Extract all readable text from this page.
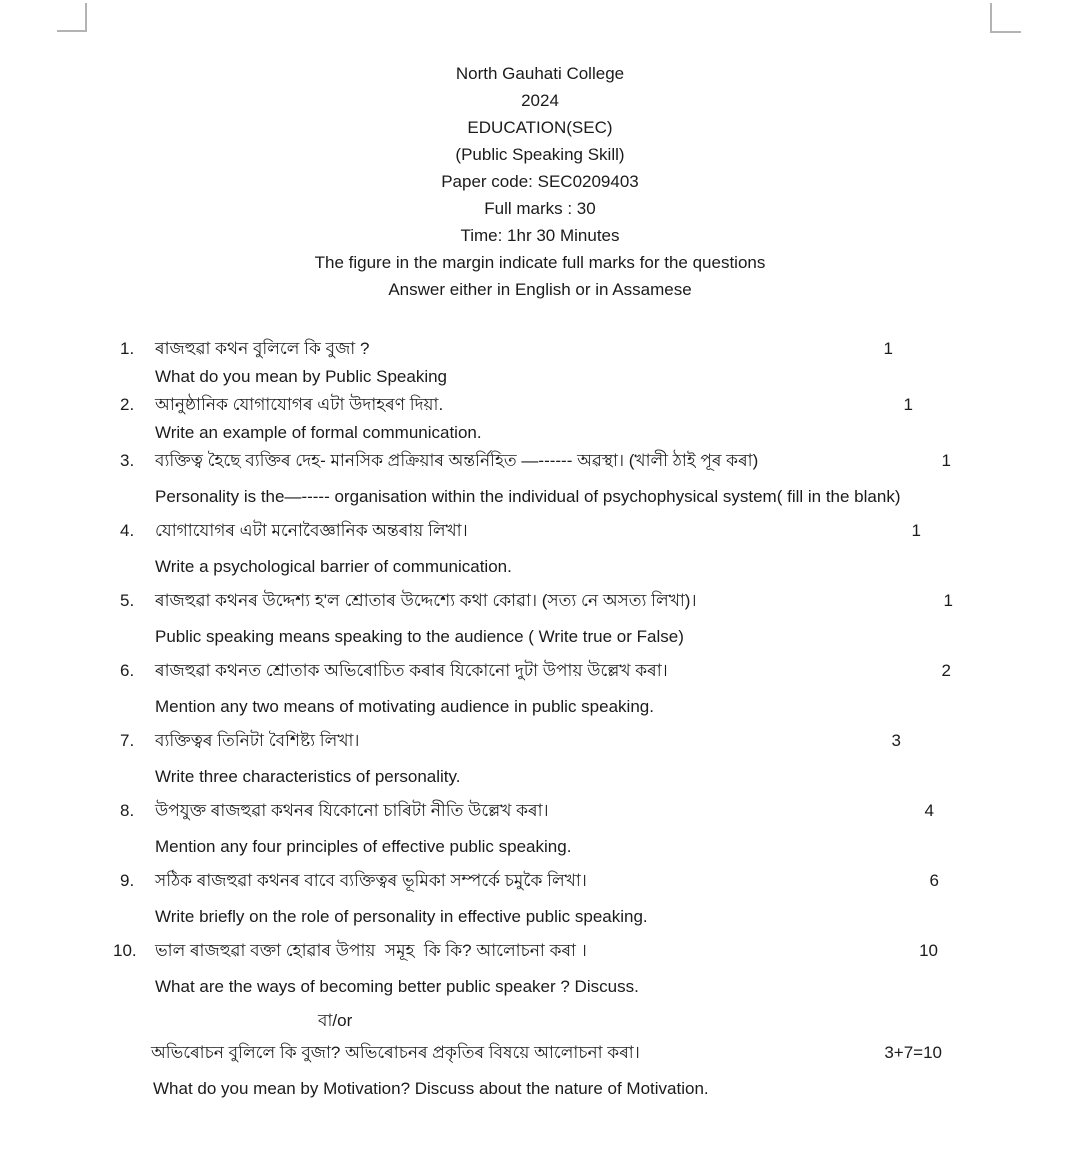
North Gauhati College
2024
EDUCATION(SEC)
(Public Speaking Skill)
Paper code: SEC0209403
Full marks : 30
Time: 1hr 30 Minutes
The figure in the margin indicate full marks for the questions
Answer either in English or in Assamese
1.	ৰাজহুৱা কথন বুলিলে কি বুজা ?	1
What do you mean by Public Speaking
2.	আনুষ্ঠানিক যোগাযোগৰ এটা উদাহৰণ দিয়া.	1
Write an example of formal communication.
3.	ব্যক্তিত্ব হৈছে ব্যক্তিৰ দেহ- মানসিক প্ৰক্ৰিয়াৰ অন্তৰ্নিহিত —------ অৱস্থা। (খালী ঠাই পূৰ কৰা)	1
Personality is the—----- organisation within the individual of psychophysical system( fill in the blank)
4.	যোগাযোগৰ এটা মনোবৈজ্ঞানিক অন্তৰায় লিখা।	1
Write a psychological barrier of communication.
5.	ৰাজহুৱা কথনৰ উদ্দেশ্য হ'ল শ্ৰোতাৰ উদ্দেশ্যে কথা কোৱা। (সত্য নে অসত্য লিখা)।	1
Public speaking means speaking to the audience ( Write true or False)
6.	ৰাজহুৱা কথনত শ্ৰোতাক অভিৰোচিত কৰাৰ যিকোনো দুটা উপায় উল্লেখ কৰা।	2
Mention any two means of motivating audience in public speaking.
7.	ব্যক্তিত্বৰ তিনিটা বৈশিষ্ট্য লিখা।	3
Write three characteristics of personality.
8.	উপযুক্ত ৰাজহুৱা কথনৰ যিকোনো চাৰিটা নীতি উল্লেখ কৰা।	4
Mention any four principles of effective public speaking.
9.	সঠিক ৰাজহুৱা কথনৰ বাবে ব্যক্তিত্বৰ ভূমিকা সম্পৰ্কে চমুকৈ লিখা।	6
Write briefly on the role of personality in effective public speaking.
10.	ভাল ৰাজহুৱা বক্তা হোৱাৰ উপায়  সমূহ  কি কি? আলোচনা কৰা ।	10
What are the ways of becoming better public speaker ? Discuss.
বা/or
অভিৰোচন বুলিলে কি বুজা? অভিৰোচনৰ প্ৰকৃতিৰ বিষয়ে আলোচনা কৰা।	3+7=10
What do you mean by Motivation? Discuss about the nature of Motivation.
